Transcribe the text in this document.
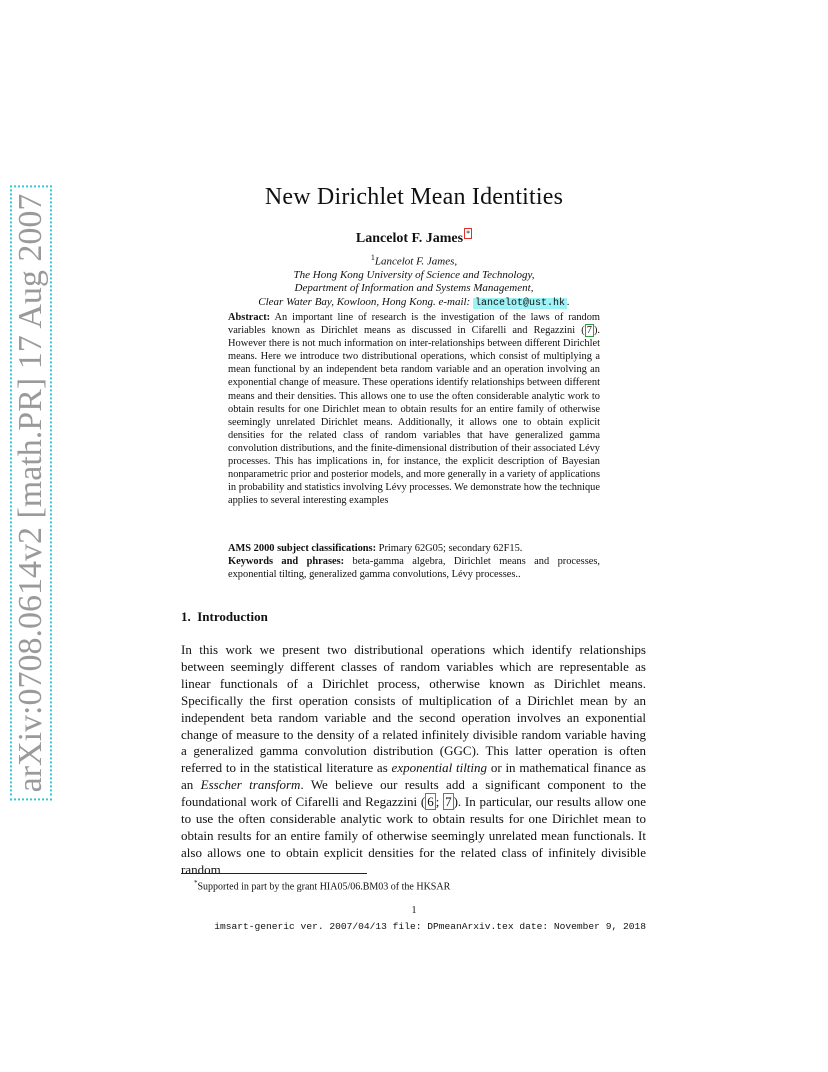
arXiv:0708.0614v2 [math.PR] 17 Aug 2007	New Dirichlet Mean Identities
Lancelot F. James *
$^1$Lancelot F. James,
The Hong Kong University of Science and Technology,
Department of Information and Systems Management,
Clear Water Bay, Kowloon, Hong Kong. e-mail: lancelot@ust.hk .
Abstract: An important line of research is the investigation of the laws of random variables known as Dirichlet means as discussed in Cifarelli and Regazzini ( 7 ). However there is not much information on inter-relationships between different Dirichlet means. Here we introduce two distributional operations, which consist of multiplying a mean functional by an independent beta random variable and an operation involving an exponential change of measure. These operations identify relationships between different means and their densities. This allows one to use the often considerable analytic work to obtain results for one Dirichlet mean to obtain results for an entire family of otherwise seemingly unrelated Dirichlet means. Additionally, it allows one to obtain explicit densities for the related class of random variables that have generalized gamma convolution distributions, and the finite-dimensional distribution of their associated Lévy processes. This has implications in, for instance, the explicit description of Bayesian nonparametric prior and posterior models, and more generally in a variety of applications in probability and statistics involving Lévy processes. We demonstrate how the technique applies to several interesting examples

AMS 2000 subject classifications: Primary 62G05; secondary 62F15.

Keywords and phrases: beta-gamma algebra, Dirichlet means and processes, exponential tilting, generalized gamma convolutions, Lévy processes..

1. Introduction
In this work we present two distributional operations which identify relationships between seemingly different classes of random variables which are representable as linear functionals of a Dirichlet process, otherwise known as Dirichlet means. Specifically the first operation consists of multiplication of a Dirichlet mean by an independent beta random variable and the second operation involves an exponential change of measure to the density of a related infinitely divisible random variable having a generalized gamma convolution distribution (GGC). This latter operation is often referred to in the statistical literature as exponential tilting or in mathematical finance as an Esscher transform. We believe our results add a significant component to the foundational work of Cifarelli and Regazzini ( 6 ; 7 ). In particular, our results allow one to use the often considerable analytic work to obtain results for one Dirichlet mean to obtain results for an entire family of otherwise seemingly unrelated mean functionals. It also allows one to obtain explicit densities for the related class of infinitely divisible random
*Supported in part by the grant HIA05/06.BM03 of the HKSAR
1
imsart-generic ver. 2007/04/13 file: DPmeanArxiv.tex date: November 9, 2018
